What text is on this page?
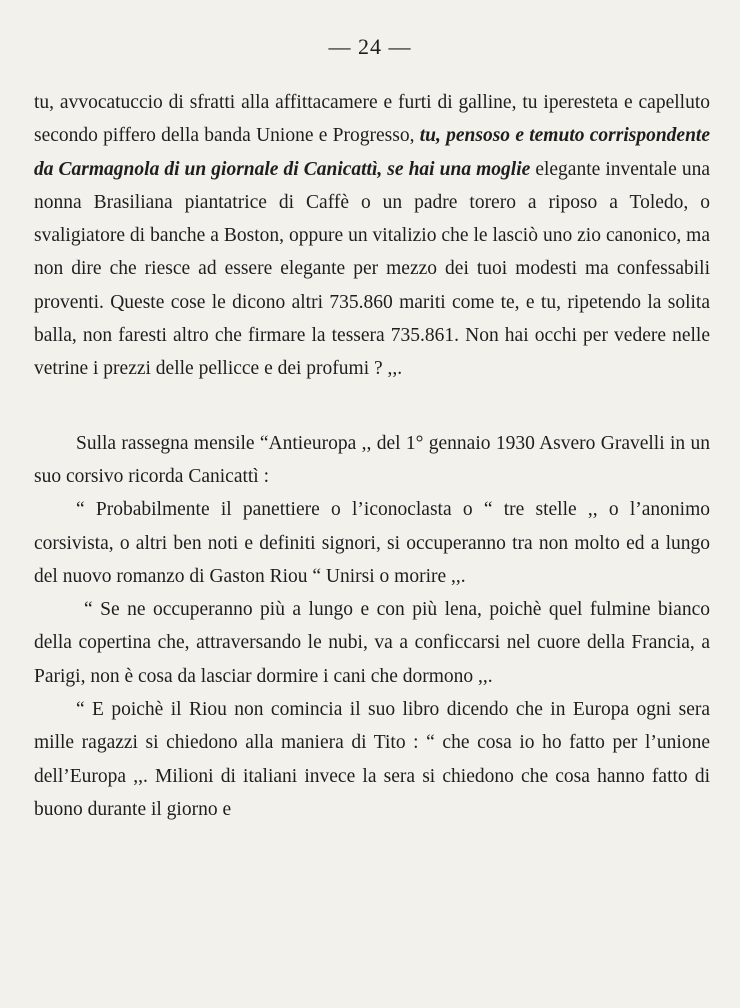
— 24 —

tu, avvocatuccio di sfratti alla affittacamere e furti di galline, tu iperesteta e capelluto secondo piffero della banda Unione e Progresso, tu, pensoso e temuto corrispondente da Carmagnola di un giornale di Canicattì, se hai una moglie elegante inventale una nonna Brasiliana piantatrice di Caffè o un padre torero a riposo a Toledo, o svaligiatore di banche a Boston, oppure un vitalizio che le lasciò uno zio canonico, ma non dire che riesce ad essere elegante per mezzo dei tuoi modesti ma confessabili proventi. Queste cose le dicono altri 735.860 mariti come te, e tu, ripetendo la solita balla, non faresti altro che firmare la tessera 735.861. Non hai occhi per vedere nelle vetrine i prezzi delle pellicce e dei profumi ? ,,.

Sulla rassegna mensile “Antieuropa ,, del 1° gennaio 1930 Asvero Gravelli in un suo corsivo ricorda Canicattì :

“ Probabilmente il panettiere o l’iconoclasta o “ tre stelle ,, o l’anonimo corsivista, o altri ben noti e definiti signori, si occuperanno tra non molto ed a lungo del nuovo romanzo di Gaston Riou “ Unirsi o morire ,,.

“ Se ne occuperanno più a lungo e con più lena, poichè quel fulmine bianco della copertina che, attraversando le nubi, va a conficcarsi nel cuore della Francia, a Parigi, non è cosa da lasciar dormire i cani che dormono ,,.

“ E poichè il Riou non comincia il suo libro dicendo che in Europa ogni sera mille ragazzi si chiedono alla maniera di Tito : “ che cosa io ho fatto per l’unione dell’Europa ,,. Milioni di italiani invece la sera si chiedono che cosa hanno fatto di buono durante il giorno e
